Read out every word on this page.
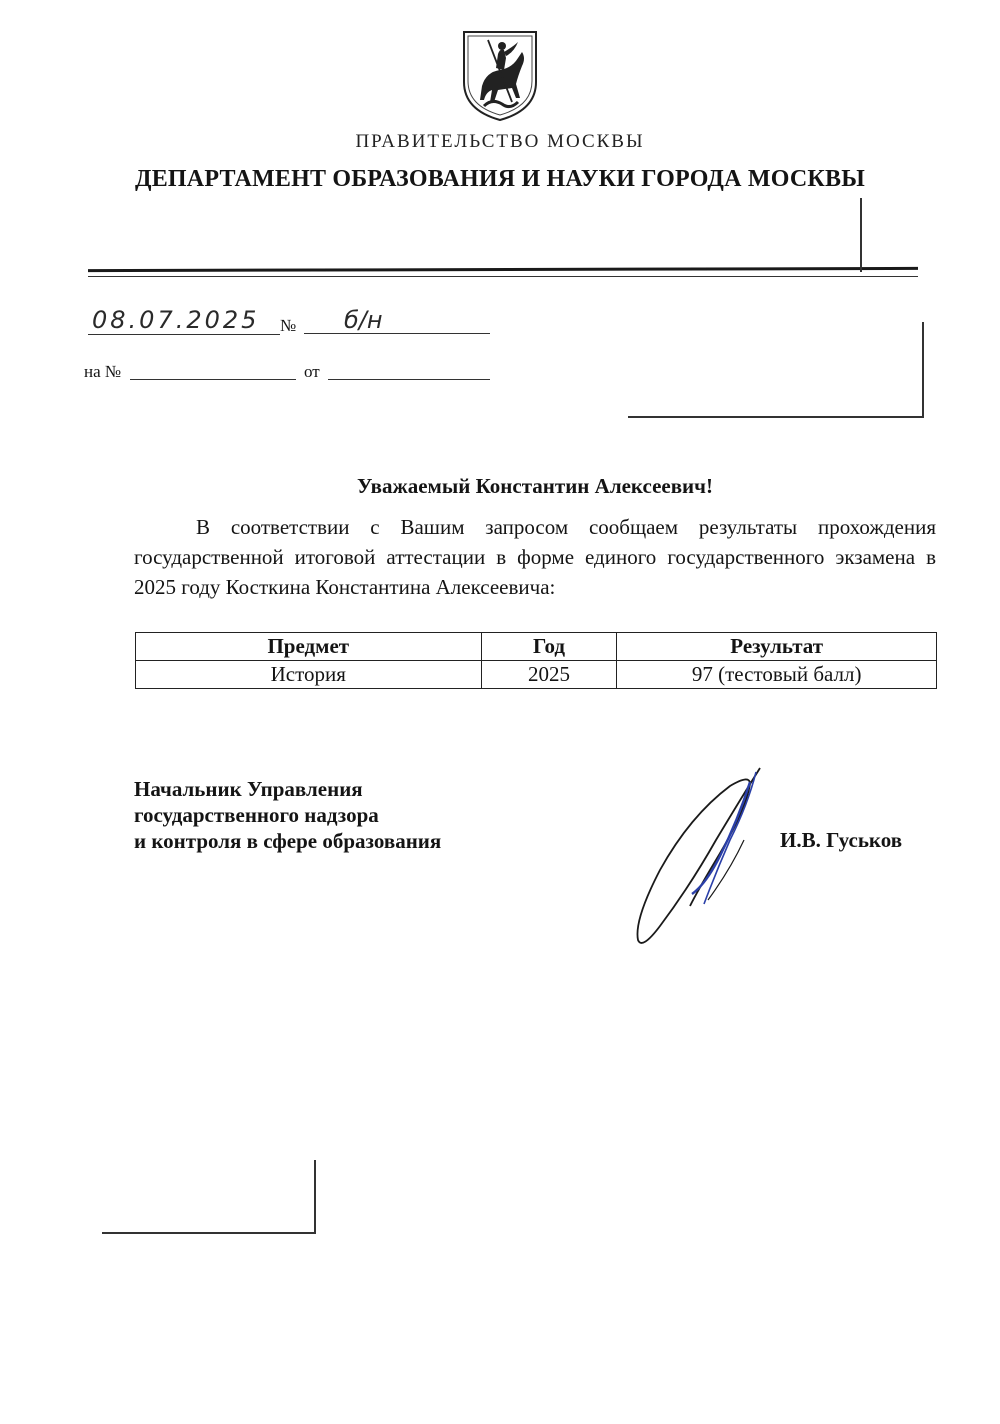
ПРАВИТЕЛЬСТВО МОСКВЫ
ДЕПАРТАМЕНТ ОБРАЗОВАНИЯ И НАУКИ ГОРОДА МОСКВЫ
08.07.2025	№	б/н
на №	от
Уважаемый Константин Алексеевич!
В соответствии с Вашим запросом сообщаем результаты прохождения государственной итоговой аттестации в форме единого государственного экзамена в 2025 году Косткина Константина Алексеевича:
Предмет	Год	Результат
История	2025	97 (тестовый балл)
Начальник Управления
государственного надзора
и контроля в сфере образования	И.В. Гуськов
